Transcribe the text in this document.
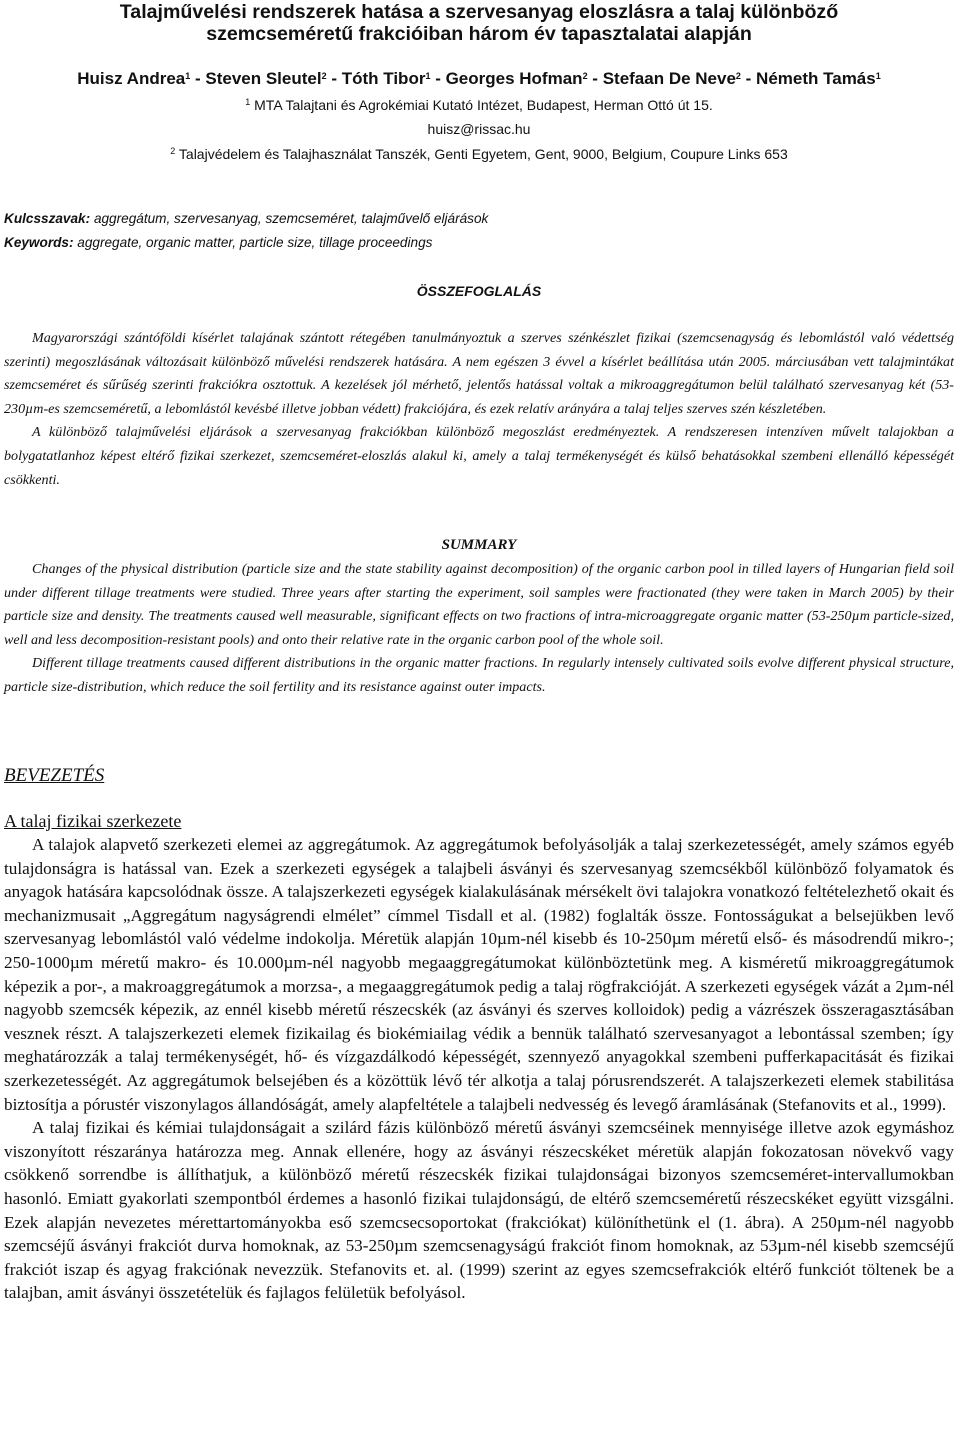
Talajművelési rendszerek hatása a szervesanyag eloszlásra a talaj különböző
szemcseméretű frakcióiban három év tapasztalatai alapján
Huisz Andrea$^1$ - Steven Sleutel$^2$ - Tóth Tibor$^1$ - Georges Hofman$^2$ - Stefaan De Neve$^2$ - Németh Tamás$^1$
$^1$ MTA Talajtani és Agrokémiai Kutató Intézet, Budapest, Herman Ottó út 15.
huisz@rissac.hu
$^2$ Talajvédelem és Talajhasználat Tanszék, Genti Egyetem, Gent, 9000, Belgium, Coupure Links 653
Kulcsszavak: aggregátum, szervesanyag, szemcseméret, talajművelő eljárások
Keywords: aggregate, organic matter, particle size, tillage proceedings
ÖSSZEFOGLALÁS

Magyarországi szántóföldi kísérlet talajának szántott rétegében tanulmányoztuk a szerves szénkészlet fizikai (szemcsenagyság és lebomlástól való védettség szerinti) megoszlásának változásait különböző művelési rendszerek hatására. A nem egészen 3 évvel a kísérlet beállítása után 2005. márciusában vett talajmintákat szemcseméret és sűrűség szerinti frakciókra osztottuk. A kezelések jól mérhető, jelentős hatással voltak a mikroaggregátumon belül található szervesanyag két (53-230µm-es szemcseméretű, a lebomlástól kevésbé illetve jobban védett) frakciójára, és ezek relatív arányára a talaj teljes szerves szén készletében.

A különböző talajművelési eljárások a szervesanyag frakciókban különböző megoszlást eredményeztek. A rendszeresen intenzíven művelt talajokban a bolygatatlanhoz képest eltérő fizikai szerkezet, szemcseméret-eloszlás alakul ki, amely a talaj termékenységét és külső behatásokkal szembeni ellenálló képességét csökkenti.

SUMMARY

Changes of the physical distribution (particle size and the state stability against decomposition) of the organic carbon pool in tilled layers of Hungarian field soil under different tillage treatments were studied. Three years after starting the experiment, soil samples were fractionated (they were taken in March 2005) by their particle size and density. The treatments caused well measurable, significant effects on two fractions of intra-microaggregate organic matter (53-250µm particle-sized, well and less decomposition-resistant pools) and onto their relative rate in the organic carbon pool of the whole soil.

Different tillage treatments caused different distributions in the organic matter fractions. In regularly intensely cultivated soils evolve different physical structure, particle size-distribution, which reduce the soil fertility and its resistance against outer impacts.

BEVEZETÉS
A talaj fizikai szerkezete

A talajok alapvető szerkezeti elemei az aggregátumok. Az aggregátumok befolyásolják a talaj szerkezetességét, amely számos egyéb tulajdonságra is hatással van. Ezek a szerkezeti egységek a talajbeli ásványi és szervesanyag szemcsékből különböző folyamatok és anyagok hatására kapcsolódnak össze. A talajszerkezeti egységek kialakulásának mérsékelt övi talajokra vonatkozó feltételezhető okait és mechanizmusait „Aggregátum nagyságrendi elmélet” címmel Tisdall et al. (1982) foglalták össze. Fontosságukat a belsejükben levő szervesanyag lebomlástól való védelme indokolja. Méretük alapján 10µm-nél kisebb és 10-250µm méretű első- és másodrendű mikro-; 250-1000µm méretű makro- és 10.000µm-nél nagyobb megaaggregátumokat különböztetünk meg. A kisméretű mikroaggregátumok képezik a por-, a makroaggregátumok a morzsa-, a megaaggregátumok pedig a talaj rögfrakcióját. A szerkezeti egységek vázát a 2µm-nél nagyobb szemcsék képezik, az ennél kisebb méretű részecskék (az ásványi és szerves kolloidok) pedig a vázrészek összeragasztásában vesznek részt. A talajszerkezeti elemek fizikailag és biokémiailag védik a bennük található szervesanyagot a lebontással szemben; így meghatározzák a talaj termékenységét, hő- és vízgazdálkodó képességét, szennyező anyagokkal szembeni pufferkapacitását és fizikai szerkezetességét. Az aggregátumok belsejében és a közöttük lévő tér alkotja a talaj pórusrendszerét. A talajszerkezeti elemek stabilitása biztosítja a pórustér viszonylagos állandóságát, amely alapfeltétele a talajbeli nedvesség és levegő áramlásának (Stefanovits et al., 1999).

A talaj fizikai és kémiai tulajdonságait a szilárd fázis különböző méretű ásványi szemcséinek mennyisége illetve azok egymáshoz viszonyított részaránya határozza meg. Annak ellenére, hogy az ásványi részecskéket méretük alapján fokozatosan növekvő vagy csökkenő sorrendbe is állíthatjuk, a különböző méretű részecskék fizikai tulajdonságai bizonyos szemcseméret-intervallumokban hasonló. Emiatt gyakorlati szempontból érdemes a hasonló fizikai tulajdonságú, de eltérő szemcseméretű részecskéket együtt vizsgálni. Ezek alapján nevezetes mérettartományokba eső szemcsecsoportokat (frakciókat) különíthetünk el (1. ábra). A 250µm-nél nagyobb szemcséjű ásványi frakciót durva homoknak, az 53-250µm szemcsenagyságú frakciót finom homoknak, az 53µm-nél kisebb szemcséjű frakciót iszap és agyag frakciónak nevezzük. Stefanovits et. al. (1999) szerint az egyes szemcsefrakciók eltérő funkciót töltenek be a talajban, amit ásványi összetételük és fajlagos felületük befolyásol.
